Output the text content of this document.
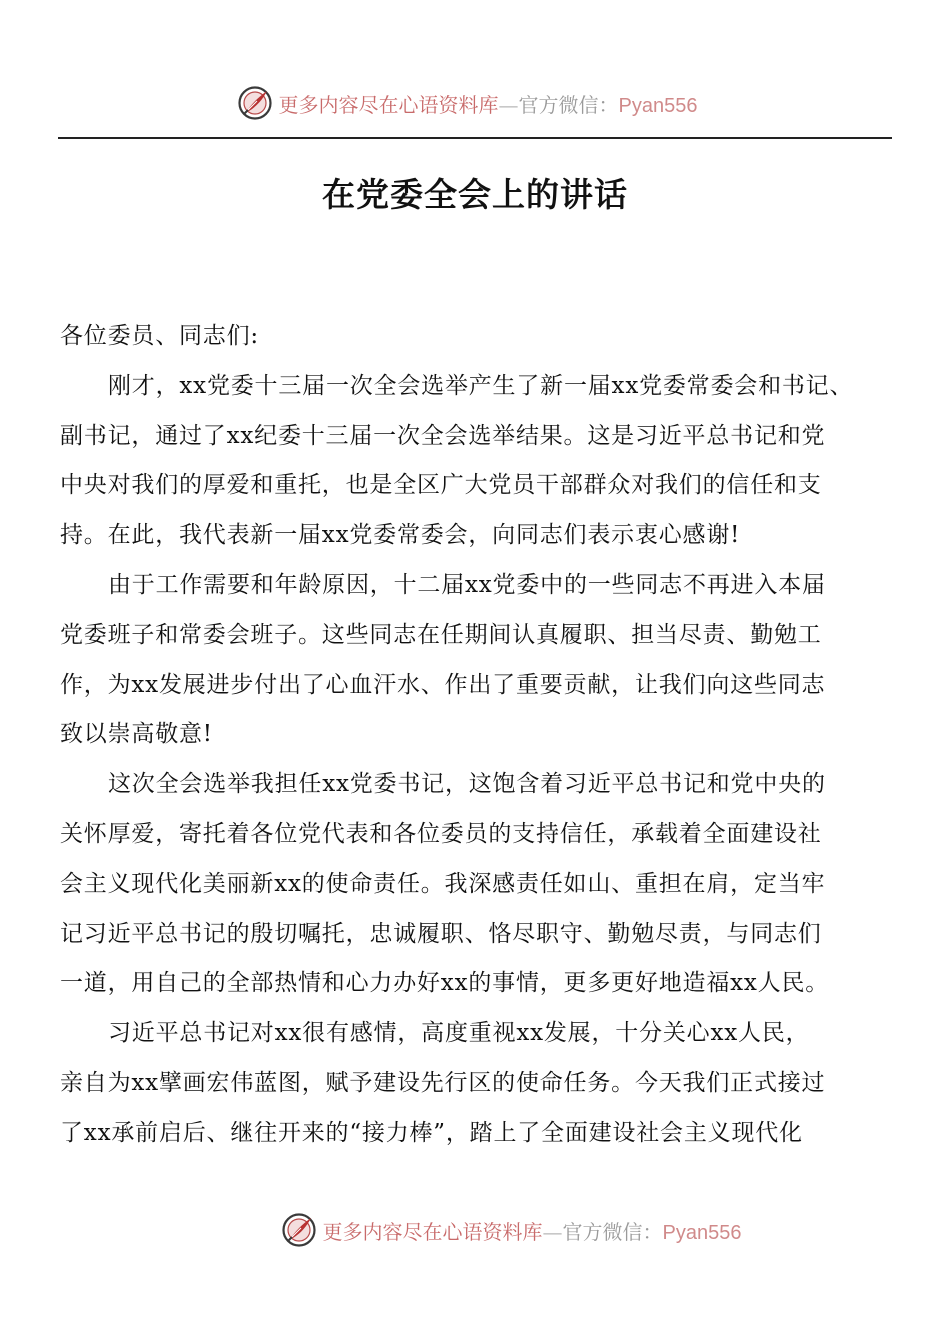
更多内容尽在心语资料库—官方微信：Pyan556
在党委全会上的讲话
各位委员、同志们:
刚才，xx党委十三届一次全会选举产生了新一届xx党委常委会和书记、
副书记，通过了xx纪委十三届一次全会选举结果。这是习近平总书记和党
中央对我们的厚爱和重托，也是全区广大党员干部群众对我们的信任和支
持。在此，我代表新一届xx党委常委会，向同志们表示衷心感谢!
由于工作需要和年龄原因，十二届xx党委中的一些同志不再进入本届
党委班子和常委会班子。这些同志在任期间认真履职、担当尽责、勤勉工
作，为xx发展进步付出了心血汗水、作出了重要贡献，让我们向这些同志
致以崇高敬意!
这次全会选举我担任xx党委书记，这饱含着习近平总书记和党中央的
关怀厚爱，寄托着各位党代表和各位委员的支持信任，承载着全面建设社
会主义现代化美丽新xx的使命责任。我深感责任如山、重担在肩，定当牢
记习近平总书记的殷切嘱托，忠诚履职、恪尽职守、勤勉尽责，与同志们
一道，用自己的全部热情和心力办好xx的事情，更多更好地造福xx人民。
习近平总书记对xx很有感情，高度重视xx发展，十分关心xx人民，
亲自为xx擘画宏伟蓝图，赋予建设先行区的使命任务。今天我们正式接过
了xx承前启后、继往开来的“接力棒”，踏上了全面建设社会主义现代化
更多内容尽在心语资料库—官方微信：Pyan556
